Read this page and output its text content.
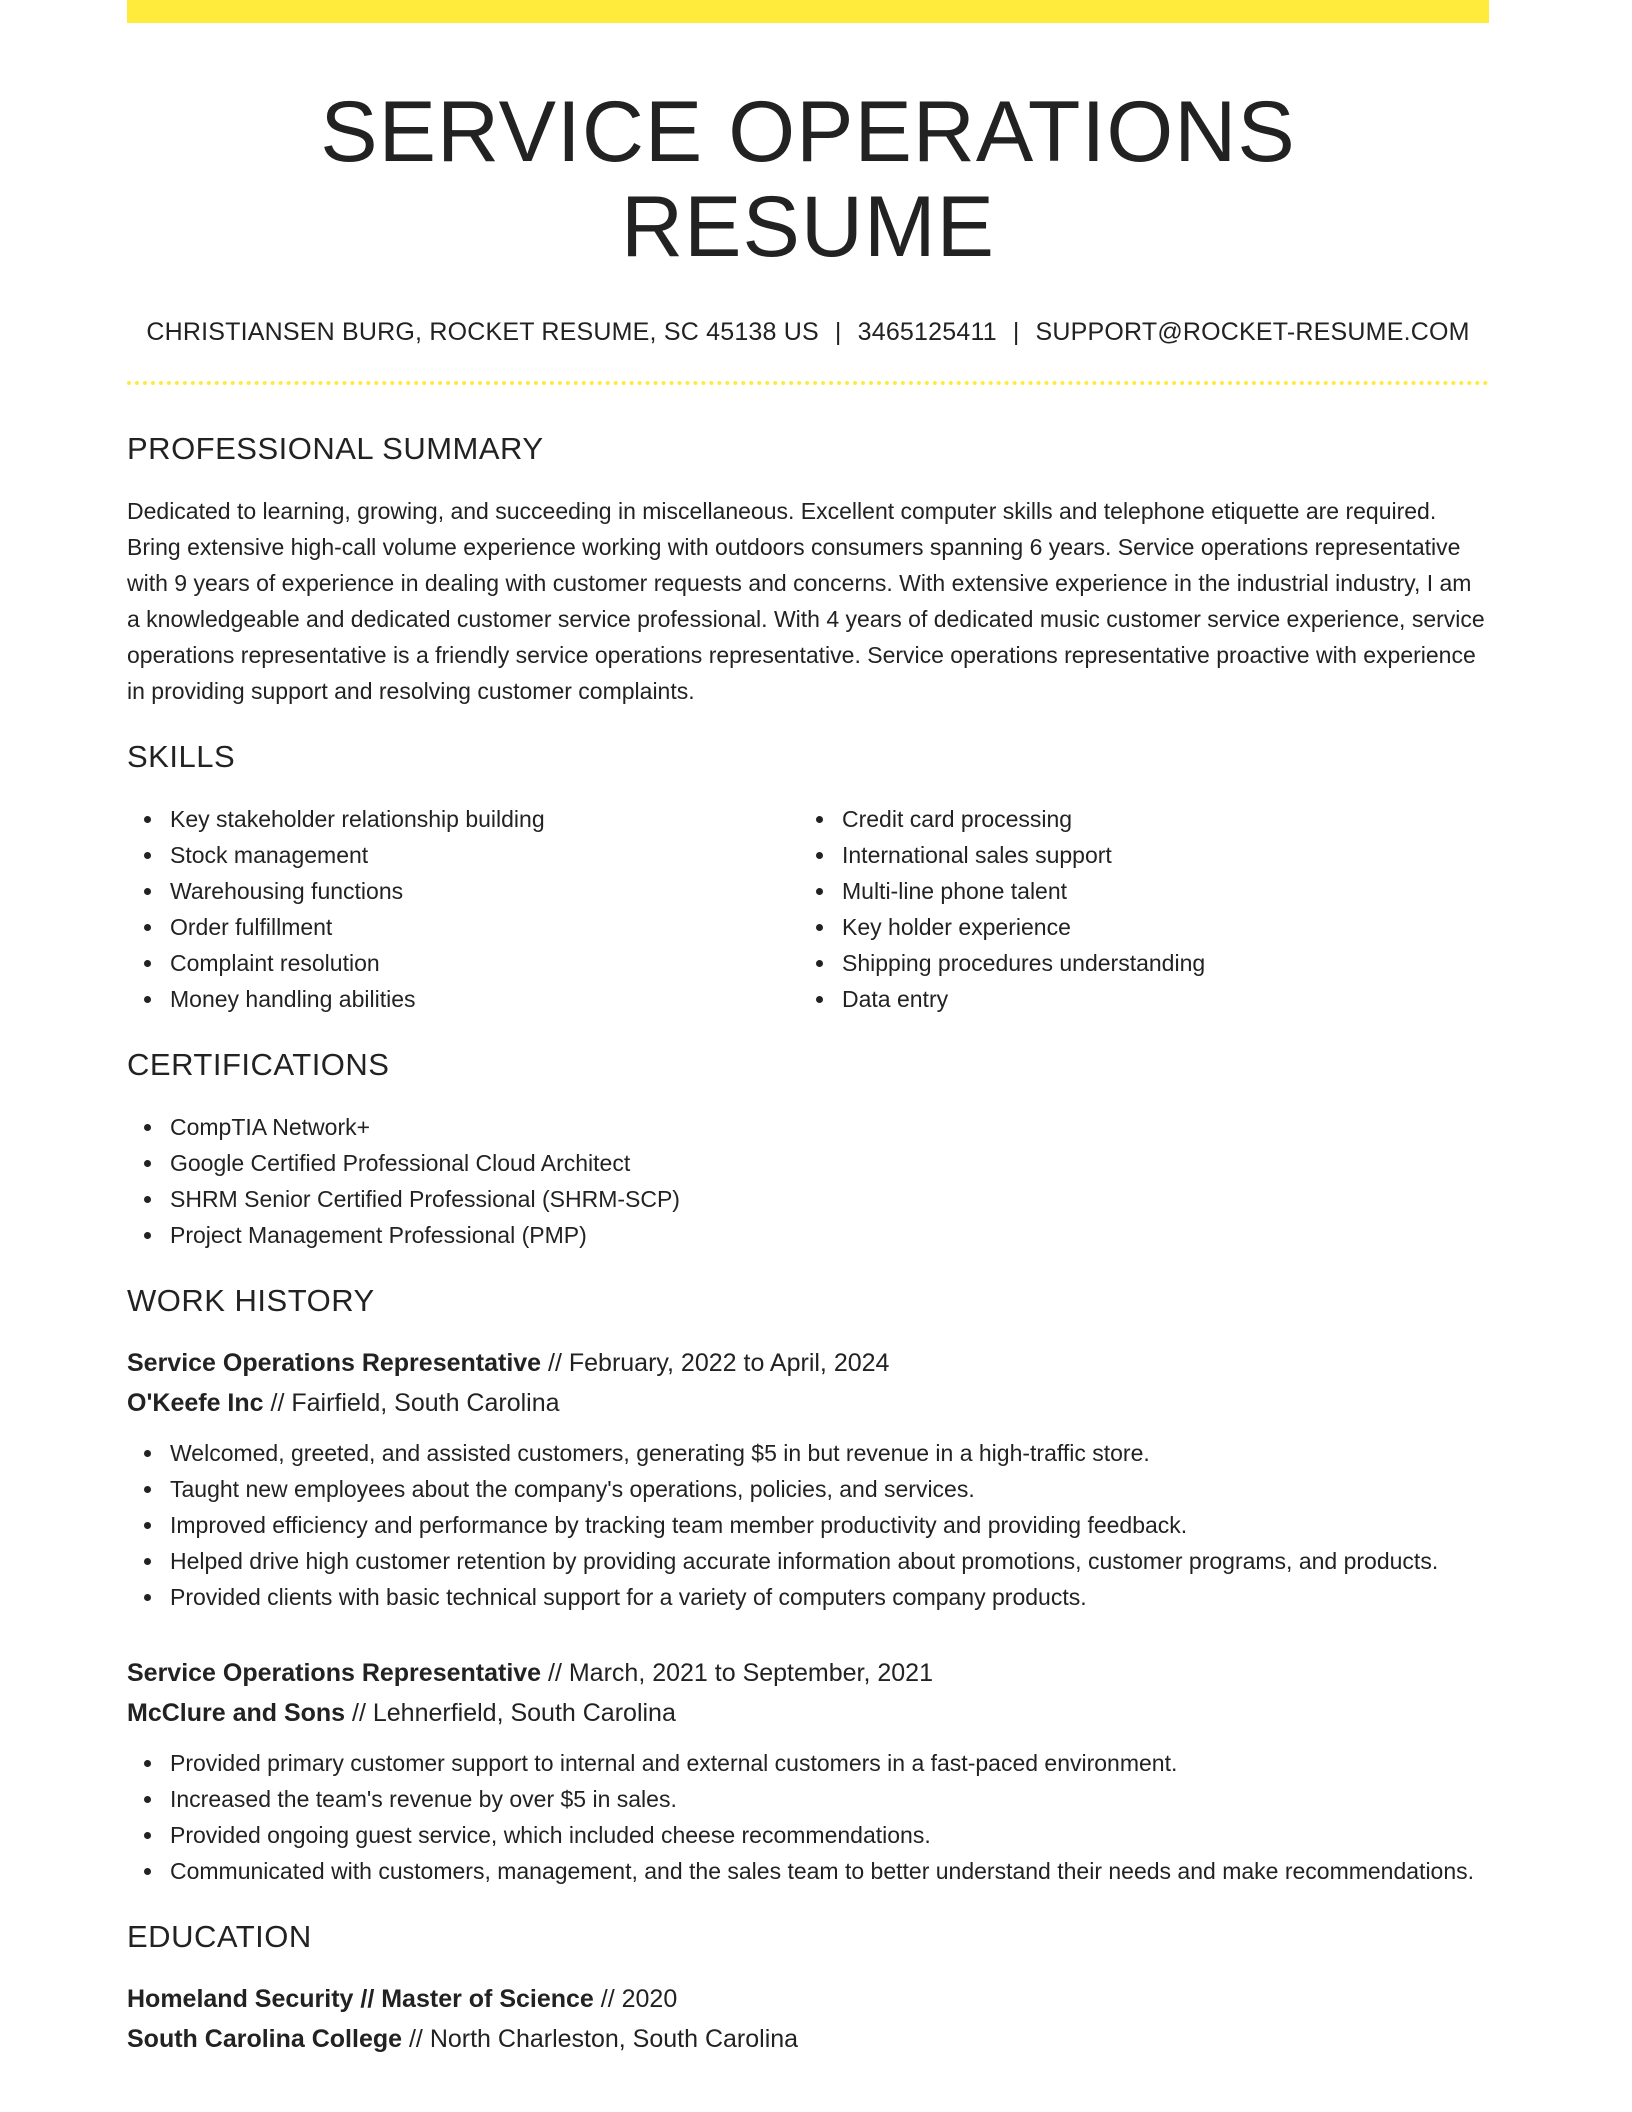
SERVICE OPERATIONS RESUME
CHRISTIANSEN BURG, ROCKET RESUME, SC 45138 US | 3465125411 | SUPPORT@ROCKET-RESUME.COM
PROFESSIONAL SUMMARY
Dedicated to learning, growing, and succeeding in miscellaneous. Excellent computer skills and telephone etiquette are required. Bring extensive high-call volume experience working with outdoors consumers spanning 6 years. Service operations representative with 9 years of experience in dealing with customer requests and concerns. With extensive experience in the industrial industry, I am a knowledgeable and dedicated customer service professional. With 4 years of dedicated music customer service experience, service operations representative is a friendly service operations representative. Service operations representative proactive with experience in providing support and resolving customer complaints.
SKILLS
Key stakeholder relationship building
Stock management
Warehousing functions
Order fulfillment
Complaint resolution
Money handling abilities
Credit card processing
International sales support
Multi-line phone talent
Key holder experience
Shipping procedures understanding
Data entry
CERTIFICATIONS
CompTIA Network+
Google Certified Professional Cloud Architect
SHRM Senior Certified Professional (SHRM-SCP)
Project Management Professional (PMP)
WORK HISTORY
Service Operations Representative // February, 2022 to April, 2024
O'Keefe Inc // Fairfield, South Carolina
Welcomed, greeted, and assisted customers, generating $5 in but revenue in a high-traffic store.
Taught new employees about the company's operations, policies, and services.
Improved efficiency and performance by tracking team member productivity and providing feedback.
Helped drive high customer retention by providing accurate information about promotions, customer programs, and products.
Provided clients with basic technical support for a variety of computers company products.
Service Operations Representative // March, 2021 to September, 2021
McClure and Sons // Lehnerfield, South Carolina
Provided primary customer support to internal and external customers in a fast-paced environment.
Increased the team's revenue by over $5 in sales.
Provided ongoing guest service, which included cheese recommendations.
Communicated with customers, management, and the sales team to better understand their needs and make recommendations.
EDUCATION
Homeland Security // Master of Science // 2020
South Carolina College // North Charleston, South Carolina
